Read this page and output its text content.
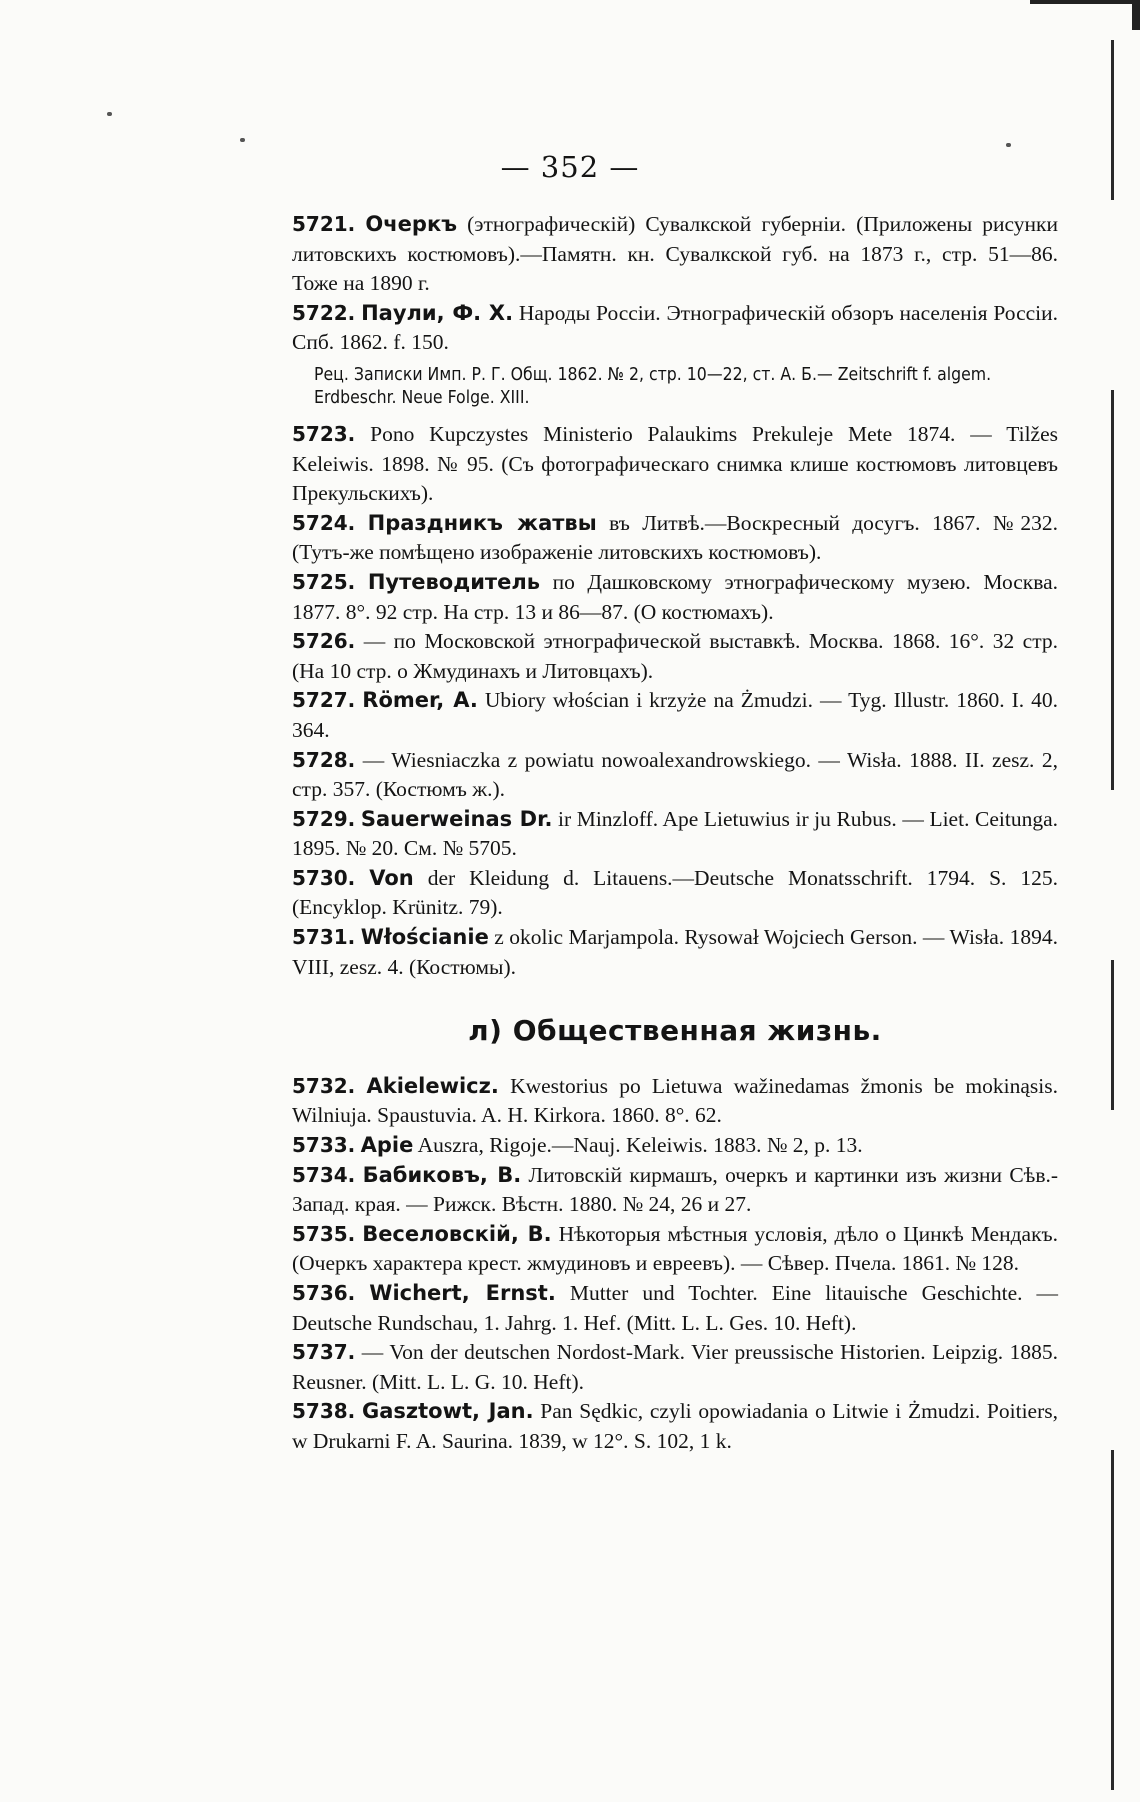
— 352 —

5721. Очеркъ (этнографическій) Сувалкской губерніи. (Приложены рисунки литовскихъ костюмовъ).—Памятн. кн. Сувалкской губ. на 1873 г., стр. 51—86. Тоже на 1890 г.

5722. Паули, Ф. Х. Народы Россіи. Этнографическій обзоръ населенія Россіи. Спб. 1862. f. 150.

Рец. Записки Имп. Р. Г. Общ. 1862. № 2, стр. 10—22, ст. А. Б.— Zeitschrift f. algem. Erdbeschr. Neue Folge. XIII.

5723. Pono Kupczystes Ministerio Palaukims Prekuleje Mete 1874. — Tilžes Keleiwis. 1898. № 95. (Съ фотографическаго снимка клише костюмовъ литовцевъ Прекульскихъ).

5724. Праздникъ жатвы въ Литвѣ.—Воскресный досугъ. 1867. №232. (Тутъ-же помѣщено изображеніе литовскихъ костюмовъ).

5725. Путеводитель по Дашковскому этнографическому музею. Москва. 1877. 8°. 92 стр. На стр. 13 и 86—87. (О костюмахъ).

5726. — по Московской этнографической выставкѣ. Москва. 1868. 16°. 32 стр. (На 10 стр. о Жмудинахъ и Литовцахъ).

5727. Römer, A. Ubiory włościan i krzyże na Żmudzi. — Tyg. Illustr. 1860. I. 40. 364.

5728. — Wiesniaczka z powiatu nowoalexandrowskiego. — Wisła. 1888. II. zesz. 2, стр. 357. (Костюмъ ж.).

5729. Sauerweinas Dr. ir Minzloff. Ape Lietuwius ir ju Rubus. — Liet. Ceitunga. 1895. № 20. См. № 5705.

5730. Von der Kleidung d. Litauens.—Deutsche Monatsschrift. 1794. S. 125. (Encyklop. Krünitz. 79).

5731. Włościanie z okolic Marjampola. Rysował Wojciech Gerson. — Wisła. 1894. VIII, zesz. 4. (Костюмы).

л) Общественная жизнь.

5732. Akielewicz. Kwestorius po Lietuwa wažinedamas žmonis be mokinąsis. Wilniuja. Spaustuvia. A. H. Kirkora. 1860. 8°. 62.

5733. Apie Auszra, Rigoje.—Nauj. Keleiwis. 1883. № 2, p. 13.

5734. Бабиковъ, В. Литовскій кирмашъ, очеркъ и картинки изъ жизни Сѣв.-Запад. края. — Рижск. Вѣстн. 1880. № 24, 26 и 27.

5735. Веселовскій, В. Нѣкоторыя мѣстныя условія, дѣло о Цинкѣ Мендакъ. (Очеркъ характера крест. жмудиновъ и евреевъ). — Сѣвер. Пчела. 1861. № 128.

5736. Wichert, Ernst. Mutter und Tochter. Eine litauische Geschichte. — Deutsche Rundschau, 1. Jahrg. 1. Hef. (Mitt. L. L. Ges. 10. Heft).

5737. — Von der deutschen Nordost-Mark. Vier preussische Historien. Leipzig. 1885. Reusner. (Mitt. L. L. G. 10. Heft).

5738. Gasztowt, Jan. Pan Sędkic, czyli opowiadania o Litwie i Żmudzi. Poitiers, w Drukarni F. A. Saurina. 1839, w 12°. S. 102, 1 k.
